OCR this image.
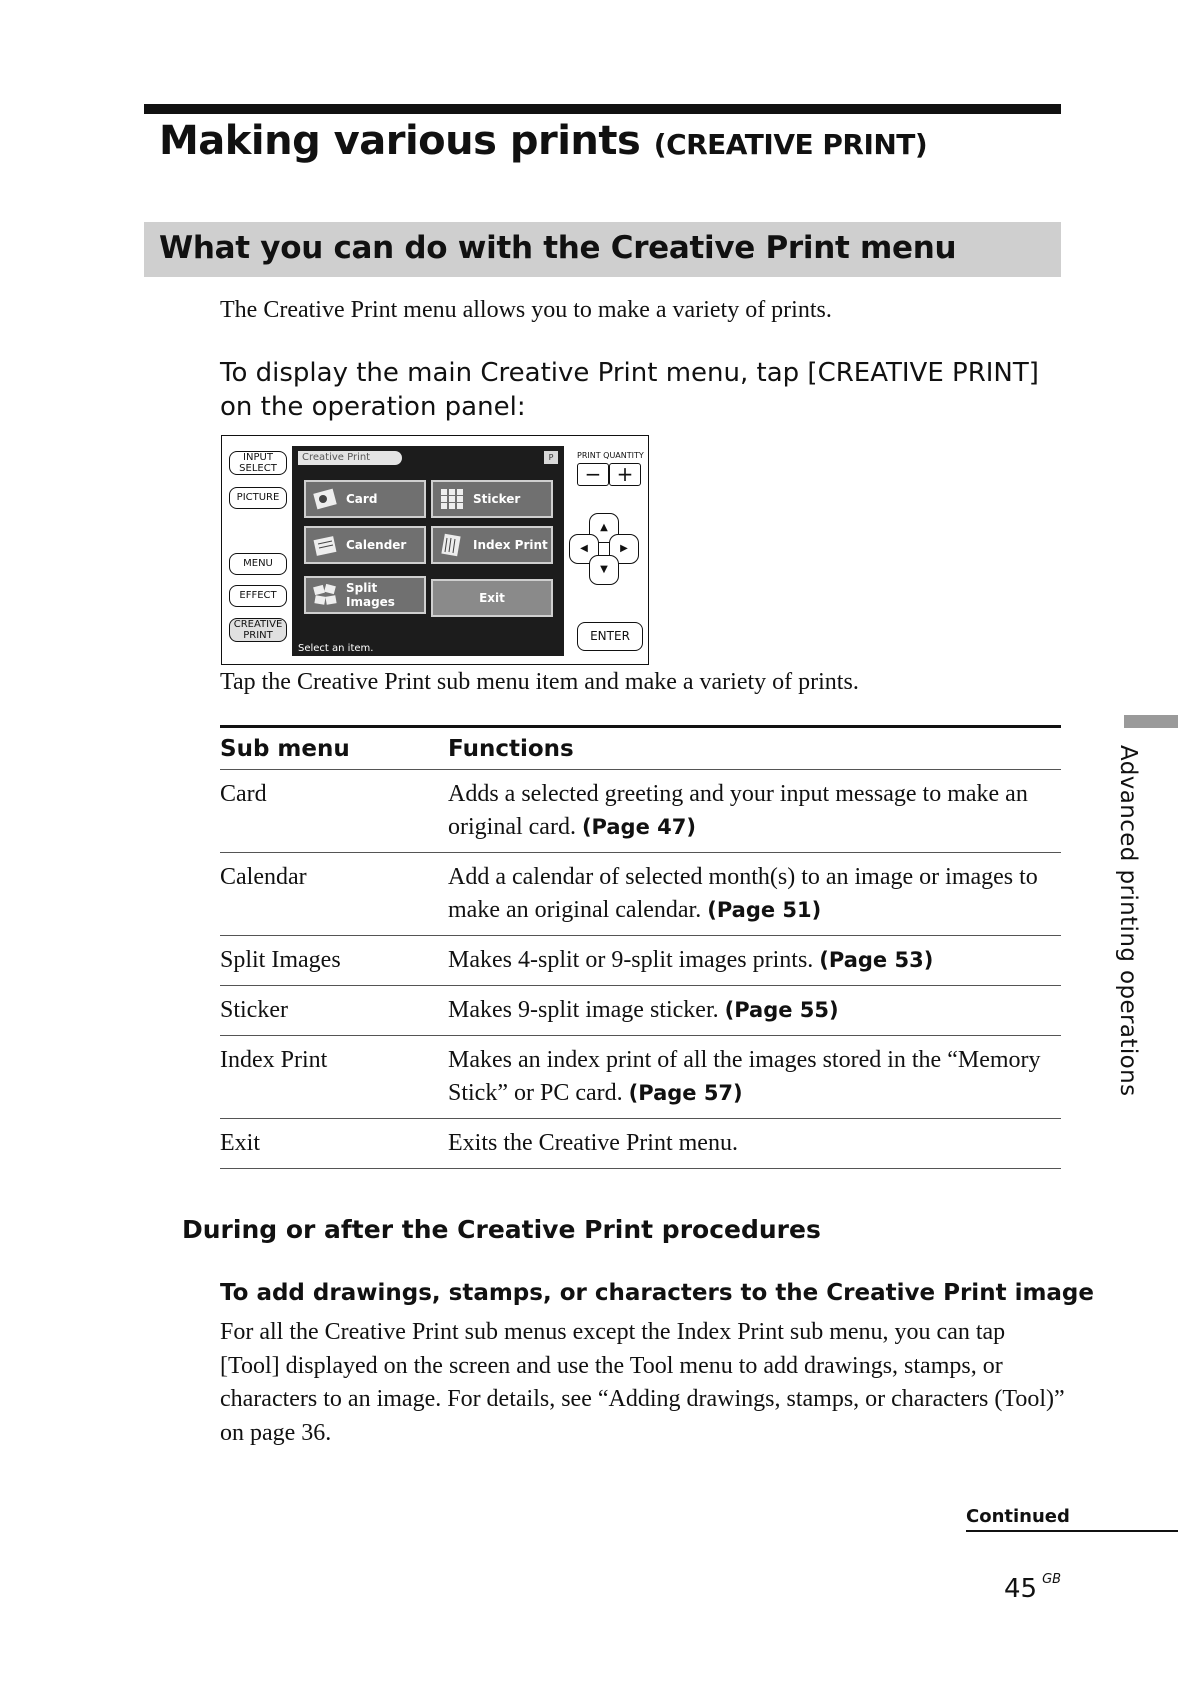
Making various prints (CREATIVE PRINT)
What you can do with the Creative Print menu

The Creative Print menu allows you to make a variety of prints.

To display the main Creative Print menu, tap [CREATIVE PRINT] on the operation panel:

INPUT
SELECT
PICTURE
MENU
EFFECT
CREATIVE
PRINT
Creative Print	P
Card	Sticker
Calender	Index Print
Split Images	Exit
Select an item.
PRINT QUANTITY
− +
▲
◀	▶
▼
ENTER

Tap the Creative Print sub menu item and make a variety of prints.

Sub menu	Functions
Card	Adds a selected greeting and your input message to make an original card. (Page 47)
Calendar	Add a calendar of selected month(s) to an image or images to make an original calendar. (Page 51)
Split Images	Makes 4-split or 9-split images prints. (Page 53)
Sticker	Makes 9-split image sticker. (Page 55)
Index Print	Makes an index print of all the images stored in the “Memory Stick” or PC card. (Page 57)
Exit	Exits the Creative Print menu.
During or after the Creative Print procedures
To add drawings, stamps, or characters to the Creative Print image

For all the Creative Print sub menus except the Index Print sub menu, you can tap [Tool] displayed on the screen and use the Tool menu to add drawings, stamps, or characters to an image. For details, see “Adding drawings, stamps, or characters (Tool)” on page 36.

Advanced printing operations
Continued
45 $^{GB}$
